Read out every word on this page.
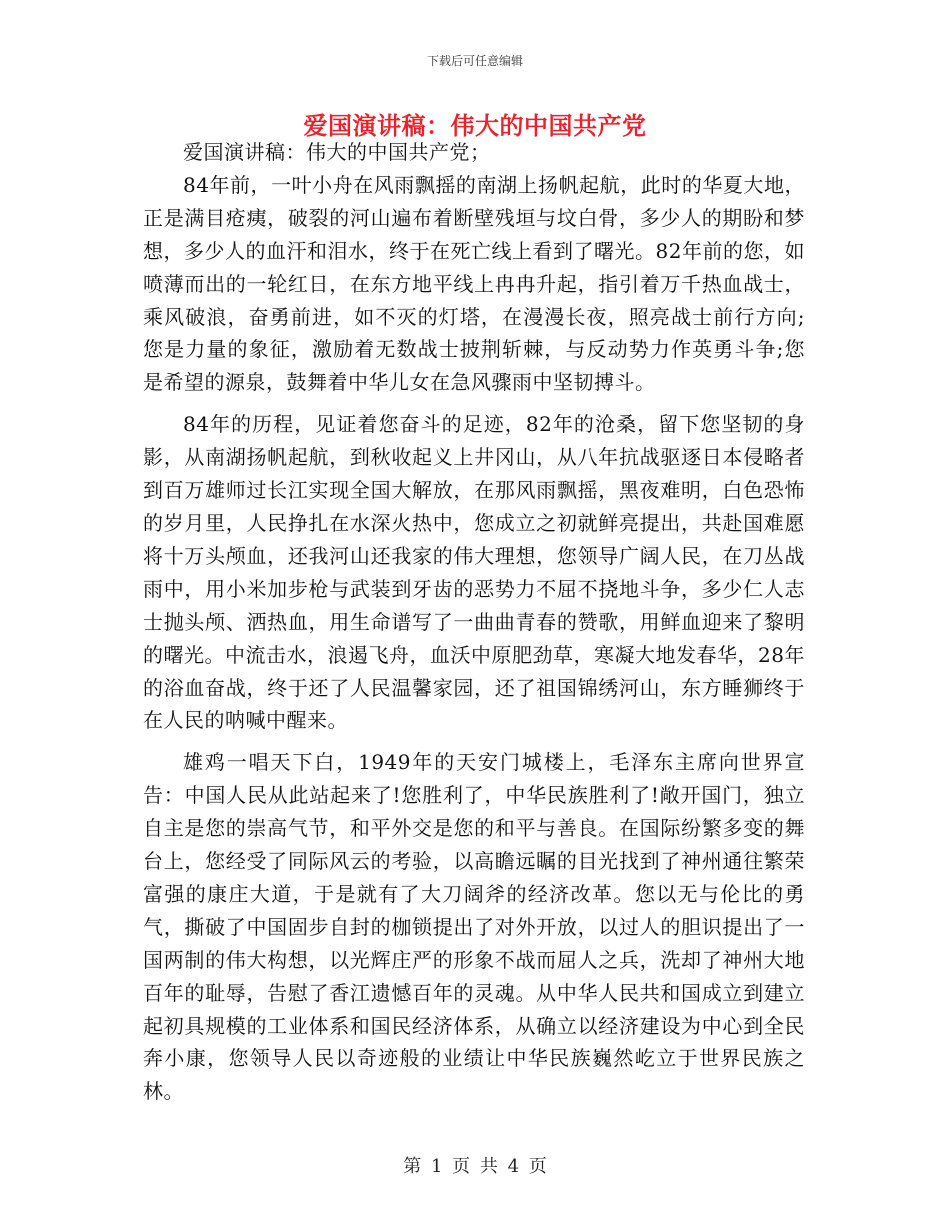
下载后可任意编辑
爱国演讲稿：伟大的中国共产党

爱国演讲稿：伟大的中国共产党；

84年前，一叶小舟在风雨飘摇的南湖上扬帆起航，此时的华夏大地，正是满目疮痍，破裂的河山遍布着断壁残垣与坟白骨，多少人的期盼和梦想，多少人的血汗和泪水，终于在死亡线上看到了曙光。82年前的您，如喷薄而出的一轮红日，在东方地平线上冉冉升起，指引着万千热血战士，乘风破浪，奋勇前进，如不灭的灯塔，在漫漫长夜，照亮战士前行方向;您是力量的象征，激励着无数战士披荆斩棘，与反动势力作英勇斗争;您是希望的源泉，鼓舞着中华儿女在急风骤雨中坚韧搏斗。

84年的历程，见证着您奋斗的足迹，82年的沧桑，留下您坚韧的身影，从南湖扬帆起航，到秋收起义上井冈山，从八年抗战驱逐日本侵略者到百万雄师过长江实现全国大解放，在那风雨飘摇，黑夜难明，白色恐怖的岁月里，人民挣扎在水深火热中，您成立之初就鲜亮提出，共赴国难愿将十万头颅血，还我河山还我家的伟大理想，您领导广阔人民，在刀丛战雨中，用小米加步枪与武装到牙齿的恶势力不屈不挠地斗争，多少仁人志士抛头颅、洒热血，用生命谱写了一曲曲青春的赞歌，用鲜血迎来了黎明的曙光。中流击水，浪遏飞舟，血沃中原肥劲草，寒凝大地发春华，28年的浴血奋战，终于还了人民温馨家园，还了祖国锦绣河山，东方睡狮终于在人民的呐喊中醒来。

雄鸡一唱天下白，1949年的天安门城楼上，毛泽东主席向世界宣告：中国人民从此站起来了!您胜利了，中华民族胜利了!敞开国门，独立自主是您的崇高气节，和平外交是您的和平与善良。在国际纷繁多变的舞台上，您经受了同际风云的考验，以高瞻远瞩的目光找到了神州通往繁荣富强的康庄大道，于是就有了大刀阔斧的经济改革。您以无与伦比的勇气，撕破了中国固步自封的枷锁提出了对外开放，以过人的胆识提出了一国两制的伟大构想，以光辉庄严的形象不战而屈人之兵，洗却了神州大地百年的耻辱，告慰了香江遗憾百年的灵魂。从中华人民共和国成立到建立起初具规模的工业体系和国民经济体系，从确立以经济建设为中心到全民奔小康，您领导人民以奇迹般的业绩让中华民族巍然屹立于世界民族之林。

第 1 页 共 4 页
